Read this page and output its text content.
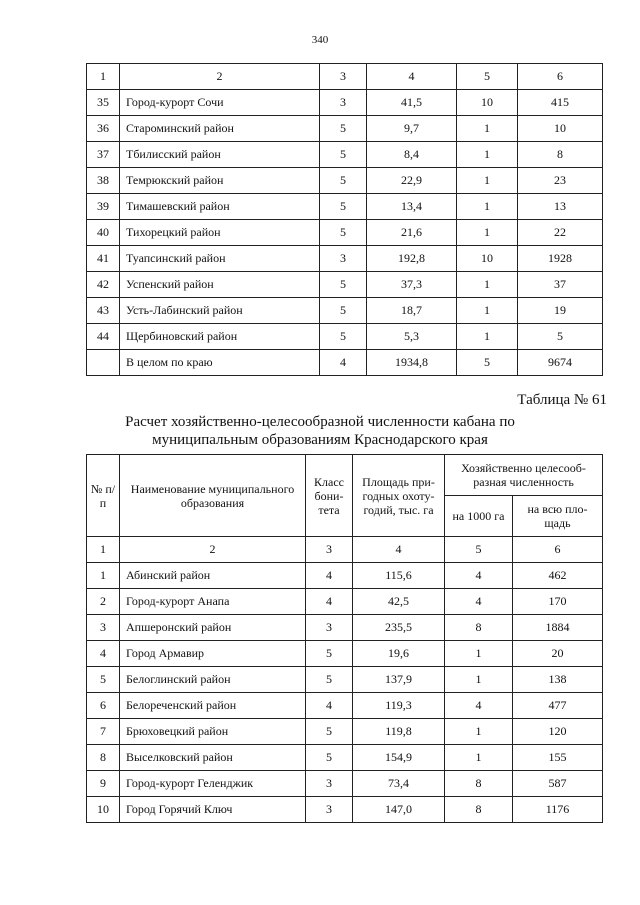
340
1	2	3	4	5	6
35	Город-курорт Сочи	3	41,5	10	415
36	Староминский район	5	9,7	1	10
37	Тбилисский район	5	8,4	1	8
38	Темрюкский район	5	22,9	1	23
39	Тимашевский район	5	13,4	1	13
40	Тихорецкий район	5	21,6	1	22
41	Туапсинский район	3	192,8	10	1928
42	Успенский район	5	37,3	1	37
43	Усть-Лабинский район	5	18,7	1	19
44	Щербиновский район	5	5,3	1	5
	В целом по краю	4	1934,8	5	9674
Таблица № 61
Расчет хозяйственно-целесообразной численности кабана по
муниципальным образованиям Краснодарского края
№ п/п	Наименование муниципального образования	Класс бони-тета	Площадь при-годных охоту-годий, тыс. га	Хозяйственно целесооб-разная численность	
				на 1000 га	на всю пло-щадь
1	2	3	4	5	6
1	Абинский район	4	115,6	4	462
2	Город-курорт Анапа	4	42,5	4	170
3	Апшеронский район	3	235,5	8	1884
4	Город Армавир	5	19,6	1	20
5	Белоглинский район	5	137,9	1	138
6	Белореченский район	4	119,3	4	477
7	Брюховецкий район	5	119,8	1	120
8	Выселковский район	5	154,9	1	155
9	Город-курорт Геленджик	3	73,4	8	587
10	Город Горячий Ключ	3	147,0	8	1176
